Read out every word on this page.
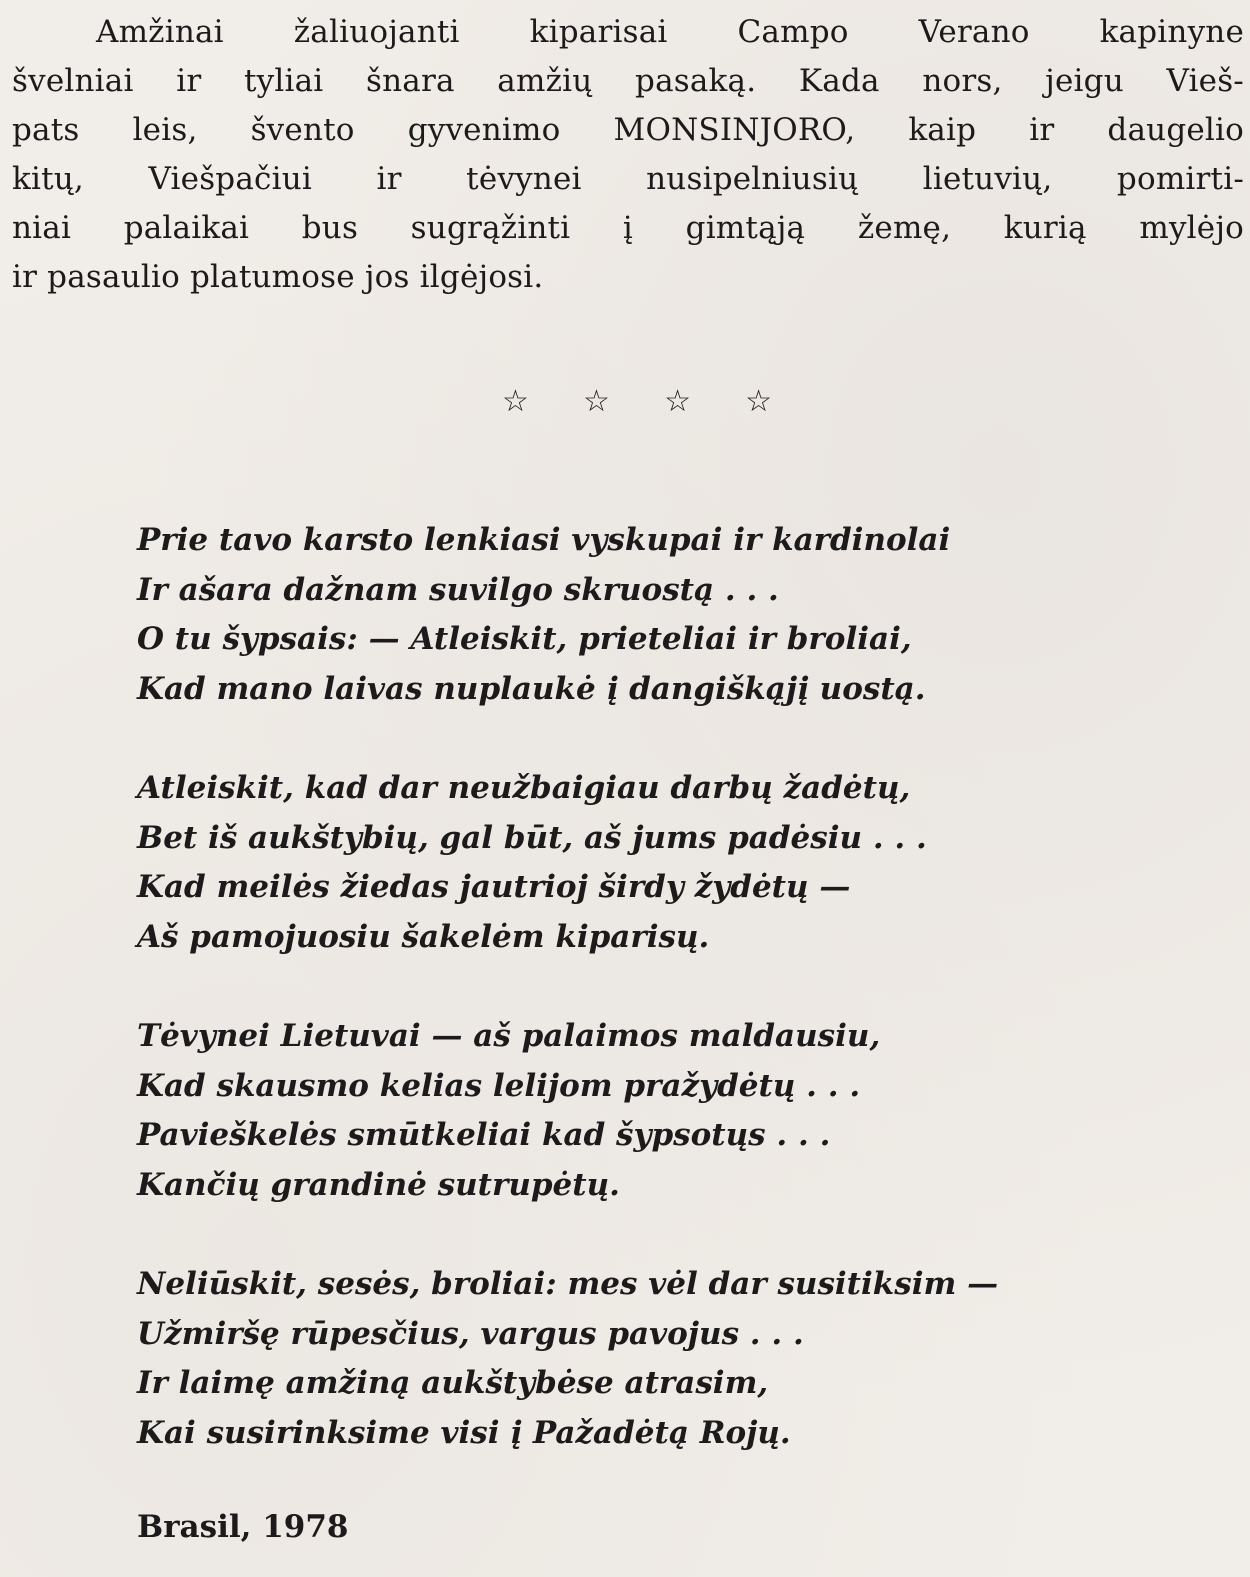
Amžinai žaliuojanti kiparisai Campo Verano kapinyne
švelniai ir tyliai šnara amžių pasaką. Kada nors, jeigu Vieš-
pats leis, švento gyvenimo MONSINJORO, kaip ir daugelio
kitų, Viešpačiui ir tėvynei nusipelniusių lietuvių, pomirti-
niai palaikai bus sugrąžinti į gimtąją žemę, kurią mylėjo
ir pasaulio platumose jos ilgėjosi.
☆ ☆ ☆ ☆
Prie tavo karsto lenkiasi vyskupai ir kardinolai
Ir ašara dažnam suvilgo skruostą . . .
O tu šypsais: — Atleiskit, prieteliai ir broliai,
Kad mano laivas nuplaukė į dangiškąjį uostą.
Atleiskit, kad dar neužbaigiau darbų žadėtų,
Bet iš aukštybių, gal būt, aš jums padėsiu . . .
Kad meilės žiedas jautrioj širdy žydėtų —
Aš pamojuosiu šakelėm kiparisų.
Tėvynei Lietuvai — aš palaimos maldausiu,
Kad skausmo kelias lelijom pražydėtų . . .
Pavieškelės smūtkeliai kad šypsotųs . . .
Kančių grandinė sutrupėtų.
Neliūskit, sesės, broliai: mes vėl dar susitiksim —
Užmiršę rūpesčius, vargus pavojus . . .
Ir laimę amžiną aukštybėse atrasim,
Kai susirinksime visi į Pažadėtą Rojų.
Brasil, 1978
